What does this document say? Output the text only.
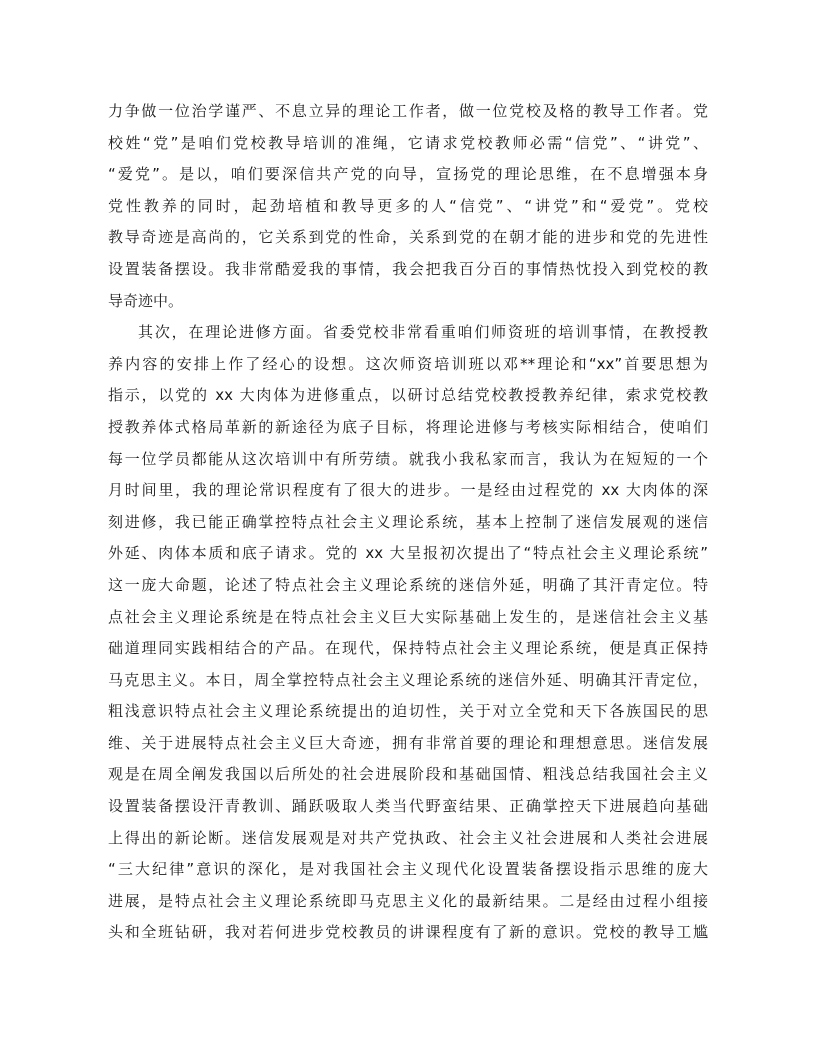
力争做一位治学谨严、不息立异的理论工作者，做一位党校及格的教导工作者。党
校姓“党”是咱们党校教导培训的准绳，它请求党校教师必需“信党”、“讲党”、
“爱党”。是以，咱们要深信共产党的向导，宣扬党的理论思维，在不息增强本身
党性教养的同时，起劲培植和教导更多的人“信党”、“讲党”和“爱党”。党校
教导奇迹是高尚的，它关系到党的性命，关系到党的在朝才能的进步和党的先进性
设置装备摆设。我非常酷爱我的事情，我会把我百分百的事情热忱投入到党校的教
导奇迹中。
其次，在理论进修方面。省委党校非常看重咱们师资班的培训事情，在教授教
养内容的安排上作了经心的设想。这次师资培训班以邓**理论和“xx”首要思想为
指示，以党的 xx 大肉体为进修重点，以研讨总结党校教授教养纪律，索求党校教
授教养体式格局革新的新途径为底子目标，将理论进修与考核实际相结合，使咱们
每一位学员都能从这次培训中有所劳绩。就我小我私家而言，我认为在短短的一个
月时间里，我的理论常识程度有了很大的进步。一是经由过程党的 xx 大肉体的深
刻进修，我已能正确掌控特点社会主义理论系统，基本上控制了迷信发展观的迷信
外延、肉体本质和底子请求。党的 xx 大呈报初次提出了“特点社会主义理论系统”
这一庞大命题，论述了特点社会主义理论系统的迷信外延，明确了其汗青定位。特
点社会主义理论系统是在特点社会主义巨大实际基础上发生的，是迷信社会主义基
础道理同实践相结合的产品。在现代，保持特点社会主义理论系统，便是真正保持
马克思主义。本日，周全掌控特点社会主义理论系统的迷信外延、明确其汗青定位，
粗浅意识特点社会主义理论系统提出的迫切性，关于对立全党和天下各族国民的思
维、关于进展特点社会主义巨大奇迹，拥有非常首要的理论和理想意思。迷信发展
观是在周全阐发我国以后所处的社会进展阶段和基础国情、粗浅总结我国社会主义
设置装备摆设汗青教训、踊跃吸取人类当代野蛮结果、正确掌控天下进展趋向基础
上得出的新论断。迷信发展观是对共产党执政、社会主义社会进展和人类社会进展
“三大纪律”意识的深化，是对我国社会主义现代化设置装备摆设指示思维的庞大
进展，是特点社会主义理论系统即马克思主义化的最新结果。二是经由过程小组接
头和全班钻研，我对若何进步党校教员的讲课程度有了新的意识。党校的教导工尴
